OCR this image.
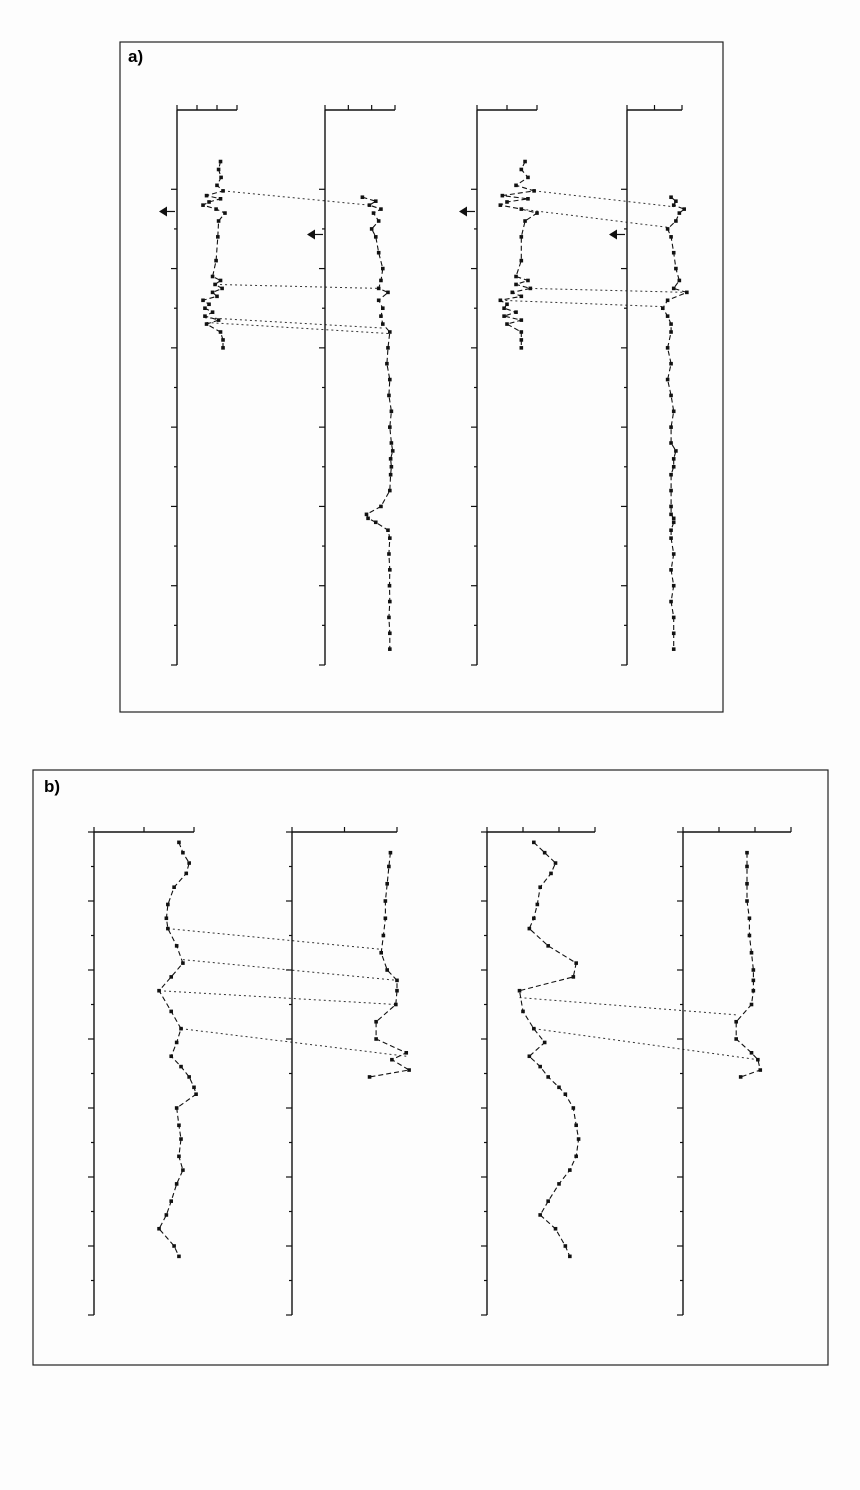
a)
b)
